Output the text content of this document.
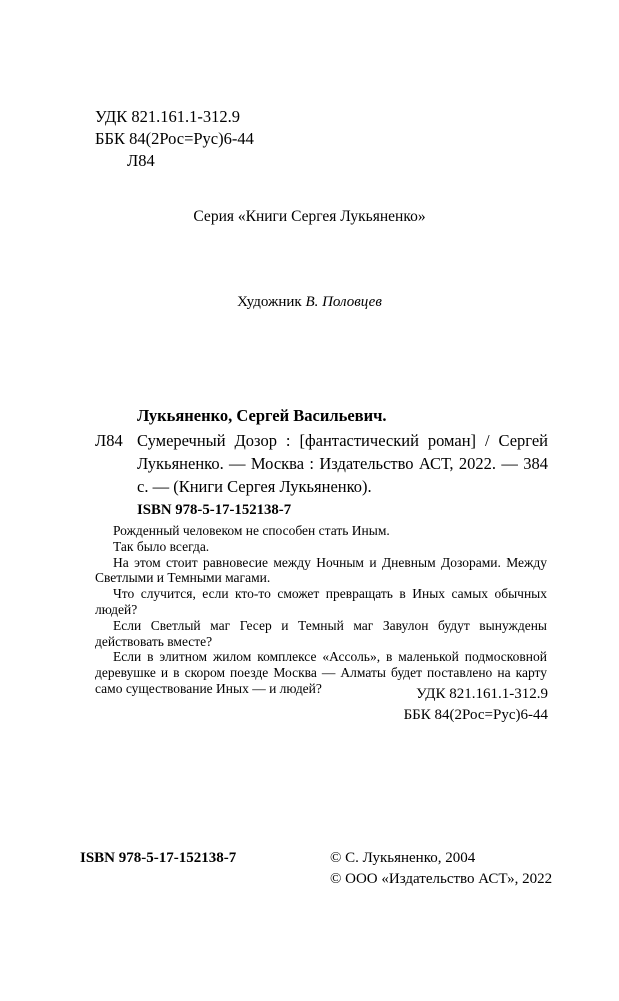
УДК 821.161.1-312.9
ББК 84(2Рос=Рус)6-44
Л84
Серия «Книги Сергея Лукьяненко»
Художник В. Половцев
Лукьяненко, Сергей Васильевич.
Л84 Сумеречный Дозор : [фантастический роман] / Сергей Лукьяненко. — Москва : Издательство АСТ, 2022. — 384 с. — (Книги Сергея Лукьяненко).
ISBN 978-5-17-152138-7

Рожденный человеком не способен стать Иным.

Так было всегда.

На этом стоит равновесие между Ночным и Дневным Дозорами. Между Светлыми и Темными магами.

Что случится, если кто-то сможет превращать в Иных самых обычных людей?

Если Светлый маг Гесер и Темный маг Завулон будут вынуждены действовать вместе?

Если в элитном жилом комплексе «Ассоль», в маленькой подмосковной деревушке и в скором поезде Москва — Алматы будет поставлено на карту само существование Иных — и людей?	УДК 821.161.1-312.9
ББК 84(2Рос=Рус)6-44
ISBN 978-5-17-152138-7	© С. Лукьяненко, 2004
© ООО «Издательство АСТ», 2022
